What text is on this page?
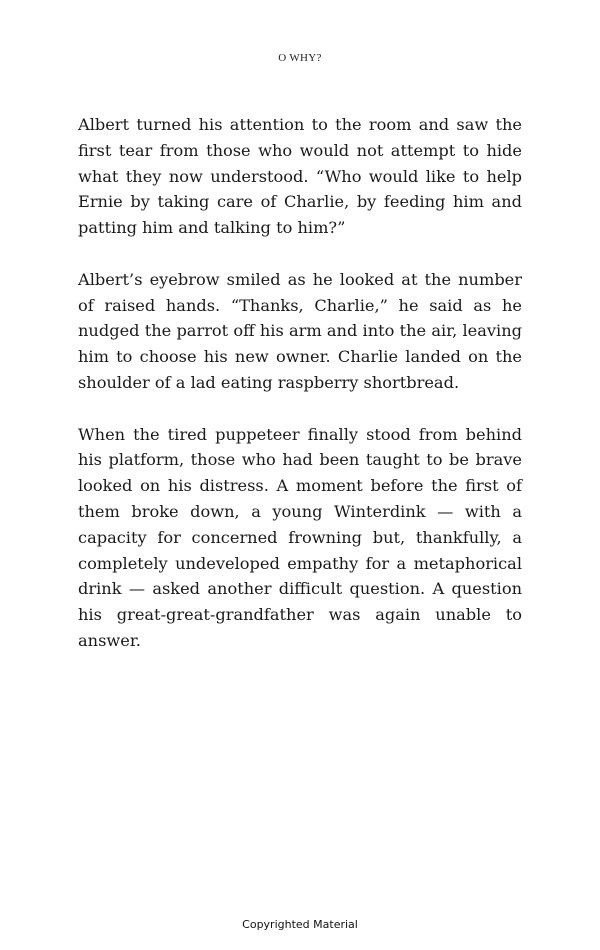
O WHY?

Albert turned his attention to the room and saw the first tear from those who would not attempt to hide what they now understood. “Who would like to help Ernie by taking care of Charlie, by feeding him and patting him and talking to him?”

Albert’s eyebrow smiled as he looked at the number of raised hands. “Thanks, Charlie,” he said as he nudged the parrot off his arm and into the air, leaving him to choose his new owner. Charlie landed on the shoulder of a lad eating raspberry shortbread.

When the tired puppeteer finally stood from behind his platform, those who had been taught to be brave looked on his distress. A moment before the first of them broke down, a young Winterdink — with a capacity for concerned frowning but, thankfully, a completely undeveloped empathy for a metaphorical drink — asked another difficult question. A question his great-great-grandfather was again unable to answer.

Copyrighted Material
